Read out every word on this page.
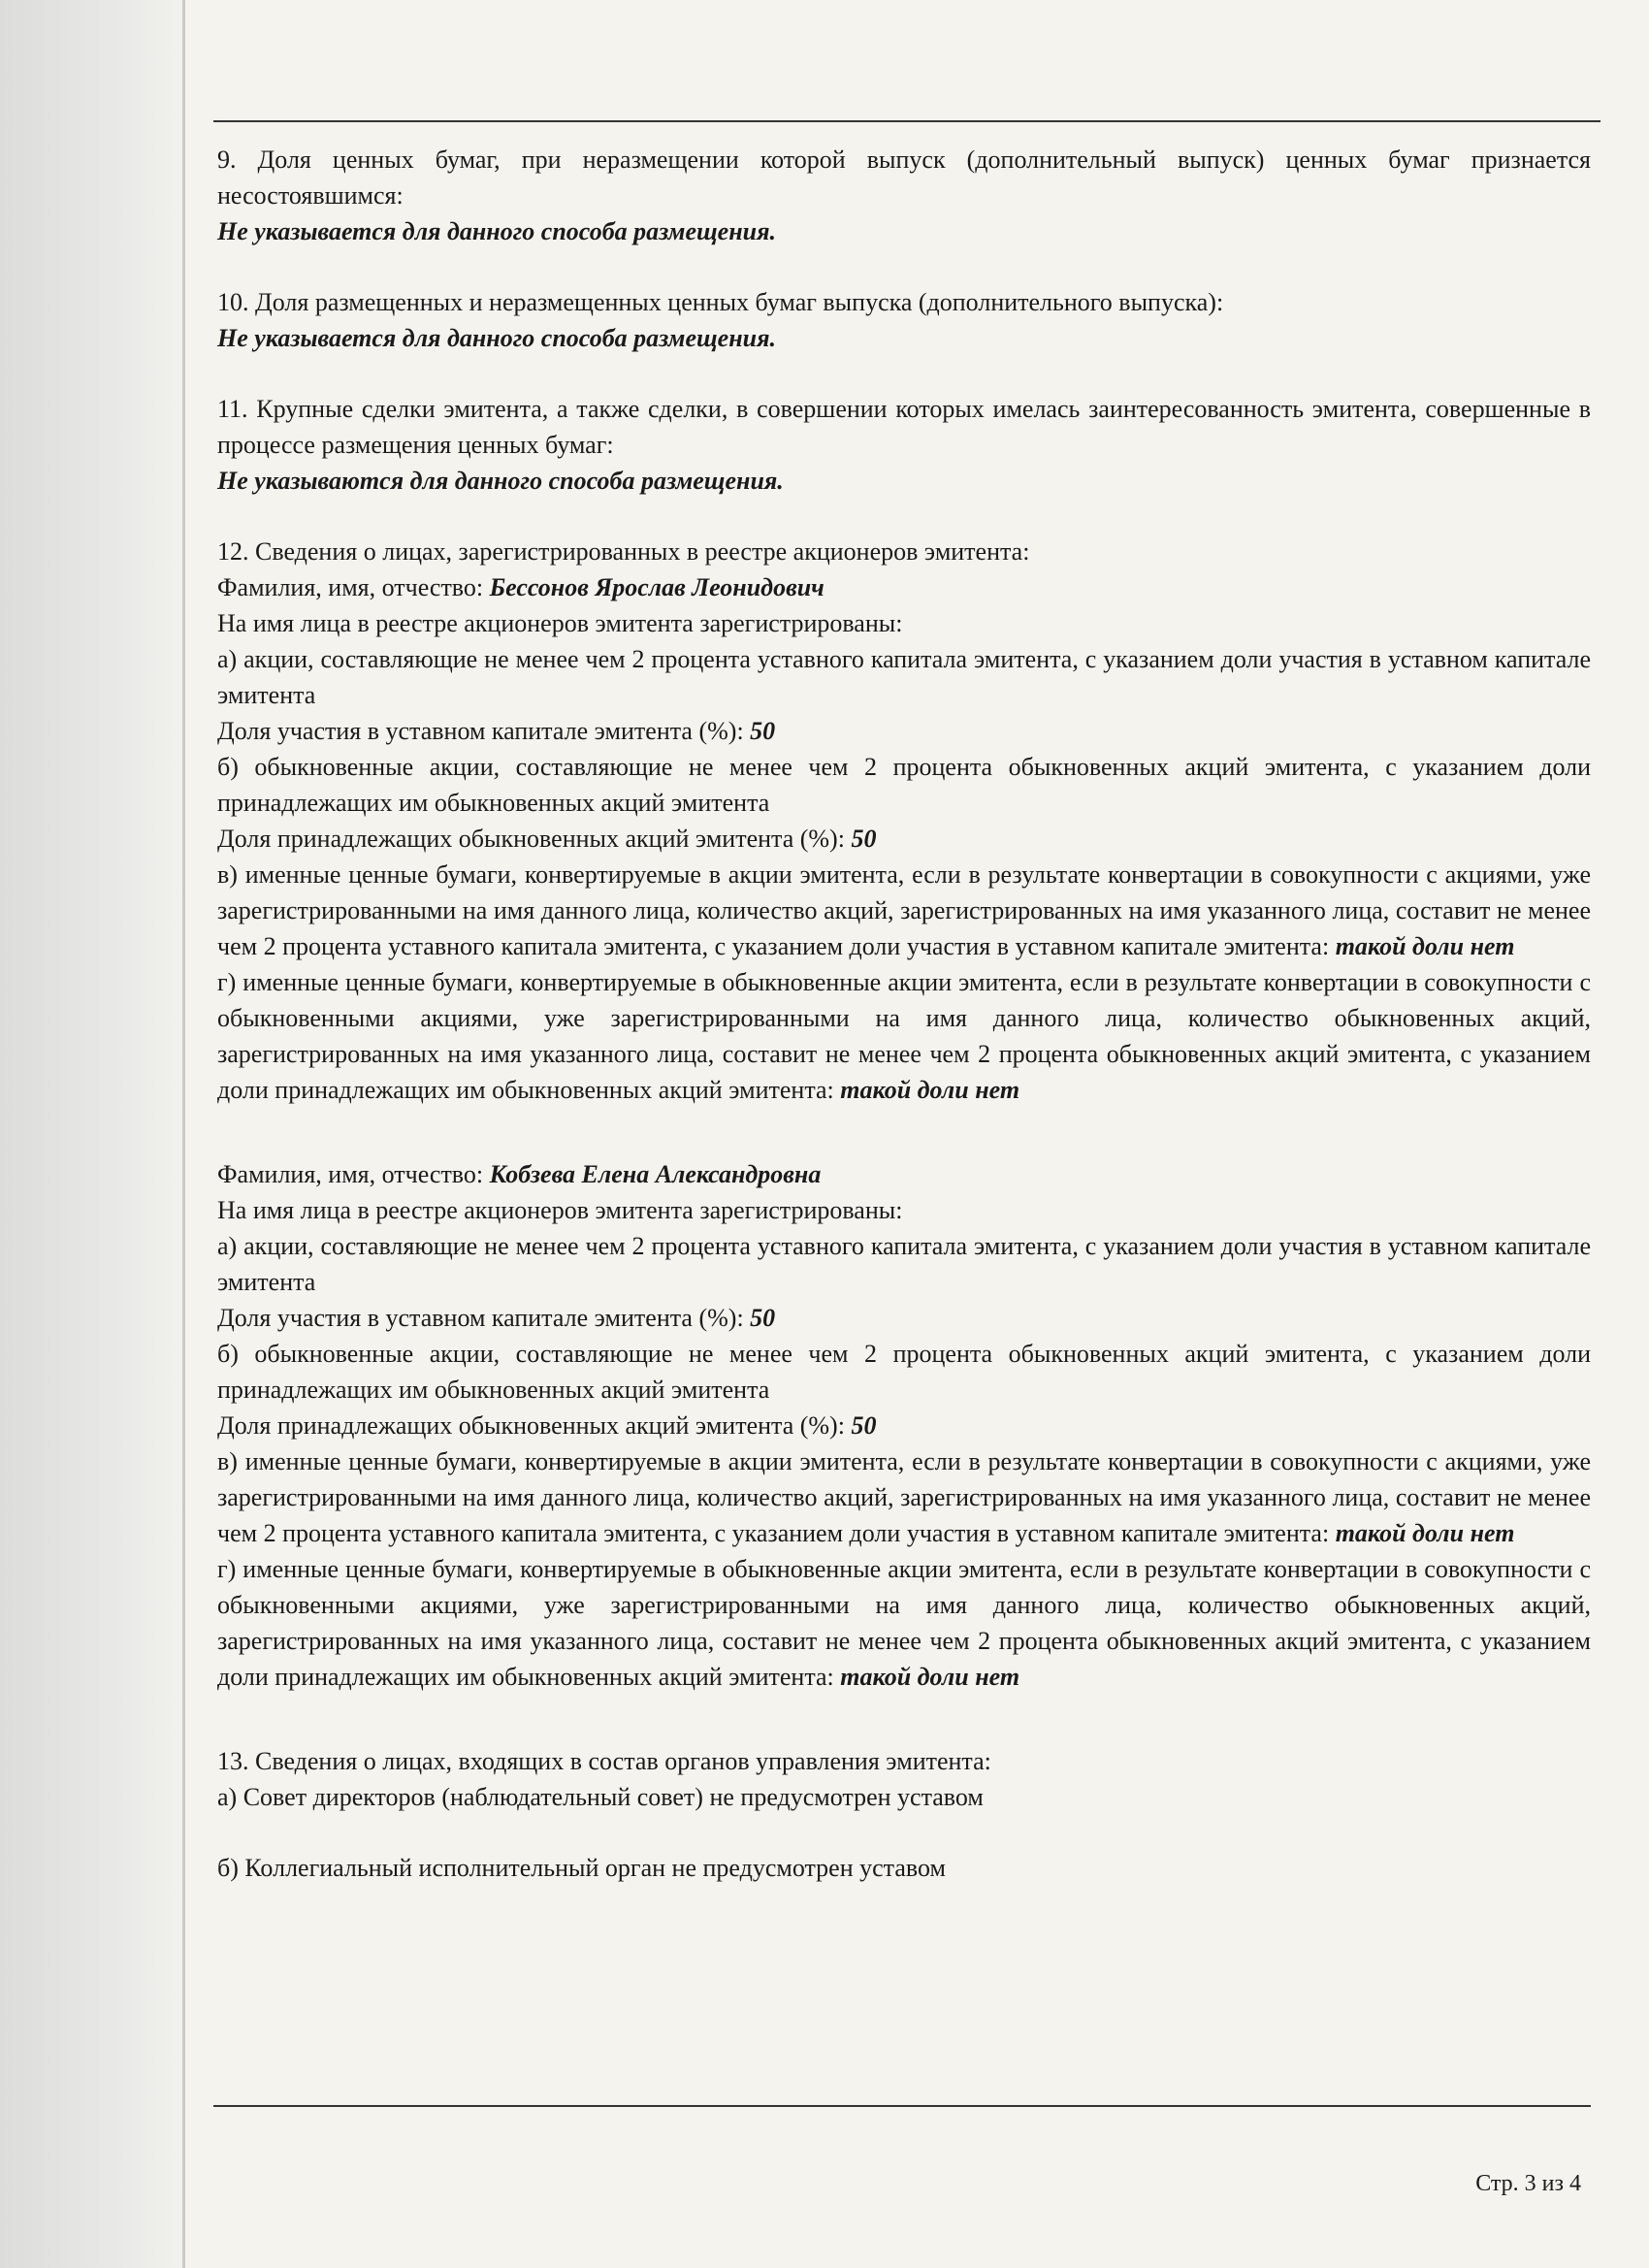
9. Доля ценных бумаг, при неразмещении которой выпуск (дополнительный выпуск) ценных бумаг признается несостоявшимся:

Не указывается для данного способа размещения.

10. Доля размещенных и неразмещенных ценных бумаг выпуска (дополнительного выпуска):

Не указывается для данного способа размещения.

11. Крупные сделки эмитента, а также сделки, в совершении которых имелась заинтересованность эмитента, совершенные в процессе размещения ценных бумаг:

Не указываются для данного способа размещения.

12. Сведения о лицах, зарегистрированных в реестре акционеров эмитента:

Фамилия, имя, отчество: Бессонов Ярослав Леонидович

На имя лица в реестре акционеров эмитента зарегистрированы:

а) акции, составляющие не менее чем 2 процента уставного капитала эмитента, с указанием доли участия в уставном капитале эмитента

Доля участия в уставном капитале эмитента (%): 50

б) обыкновенные акции, составляющие не менее чем 2 процента обыкновенных акций эмитента, с указанием доли принадлежащих им обыкновенных акций эмитента

Доля принадлежащих обыкновенных акций эмитента (%): 50

в) именные ценные бумаги, конвертируемые в акции эмитента, если в результате конвертации в совокупности с акциями, уже зарегистрированными на имя данного лица, количество акций, зарегистрированных на имя указанного лица, составит не менее чем 2 процента уставного капитала эмитента, с указанием доли участия в уставном капитале эмитента: такой доли нет

г) именные ценные бумаги, конвертируемые в обыкновенные акции эмитента, если в результате конвертации в совокупности с обыкновенными акциями, уже зарегистрированными на имя данного лица, количество обыкновенных акций, зарегистрированных на имя указанного лица, составит не менее чем 2 процента обыкновенных акций эмитента, с указанием доли принадлежащих им обыкновенных акций эмитента: такой доли нет

Фамилия, имя, отчество: Кобзева Елена Александровна

На имя лица в реестре акционеров эмитента зарегистрированы:

а) акции, составляющие не менее чем 2 процента уставного капитала эмитента, с указанием доли участия в уставном капитале эмитента

Доля участия в уставном капитале эмитента (%): 50

б) обыкновенные акции, составляющие не менее чем 2 процента обыкновенных акций эмитента, с указанием доли принадлежащих им обыкновенных акций эмитента

Доля принадлежащих обыкновенных акций эмитента (%): 50

в) именные ценные бумаги, конвертируемые в акции эмитента, если в результате конвертации в совокупности с акциями, уже зарегистрированными на имя данного лица, количество акций, зарегистрированных на имя указанного лица, составит не менее чем 2 процента уставного капитала эмитента, с указанием доли участия в уставном капитале эмитента: такой доли нет

г) именные ценные бумаги, конвертируемые в обыкновенные акции эмитента, если в результате конвертации в совокупности с обыкновенными акциями, уже зарегистрированными на имя данного лица, количество обыкновенных акций, зарегистрированных на имя указанного лица, составит не менее чем 2 процента обыкновенных акций эмитента, с указанием доли принадлежащих им обыкновенных акций эмитента: такой доли нет

13. Сведения о лицах, входящих в состав органов управления эмитента:

а) Совет директоров (наблюдательный совет) не предусмотрен уставом

б) Коллегиальный исполнительный орган не предусмотрен уставом

Стр. 3 из 4
